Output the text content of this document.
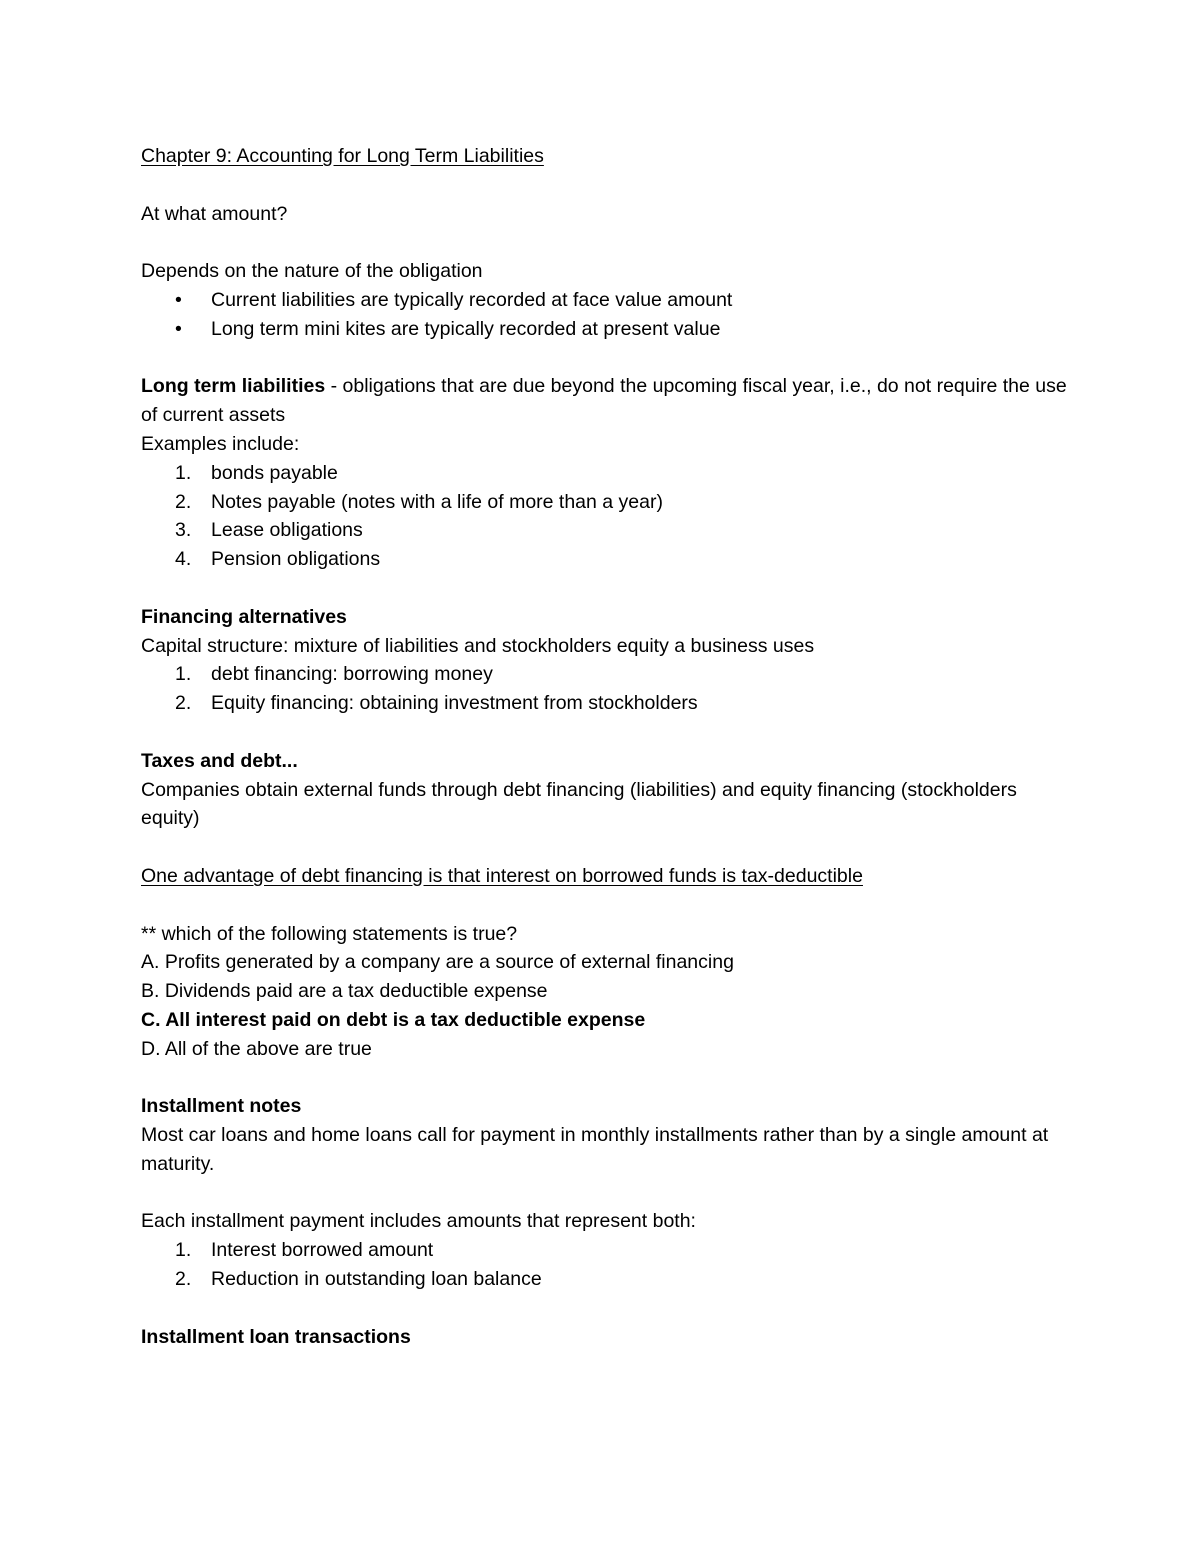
Chapter 9: Accounting for Long Term Liabilities

At what amount?

Depends on the nature of the obligation

• Current liabilities are typically recorded at face value amount
• Long term mini kites are typically recorded at present value

Long term liabilities - obligations that are due beyond the upcoming fiscal year, i.e., do not require the use of current assets

Examples include:

1. bonds payable
2. Notes payable (notes with a life of more than a year)
3. Lease obligations
4. Pension obligations

Financing alternatives

Capital structure: mixture of liabilities and stockholders equity a business uses

1. debt financing: borrowing money
2. Equity financing: obtaining investment from stockholders

Taxes and debt...

Companies obtain external funds through debt financing (liabilities) and equity financing (stockholders equity)

One advantage of debt financing is that interest on borrowed funds is tax-deductible

** which of the following statements is true?

A. Profits generated by a company are a source of external financing

B. Dividends paid are a tax deductible expense

C. All interest paid on debt is a tax deductible expense

D. All of the above are true

Installment notes

Most car loans and home loans call for payment in monthly installments rather than by a single amount at maturity.

Each installment payment includes amounts that represent both:

1. Interest borrowed amount
2. Reduction in outstanding loan balance

Installment loan transactions
